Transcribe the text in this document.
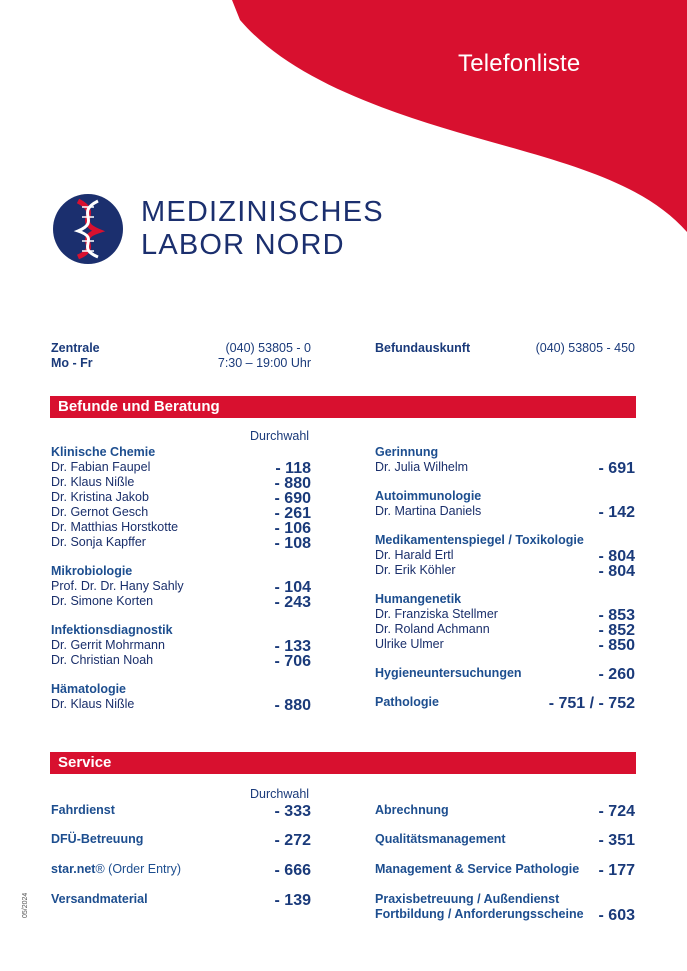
Telefonliste
MEDIZINISCHES
LABOR NORD
Zentrale	(040) 53805 - 0
Mo - Fr	7:30 – 19:00 Uhr
Befundauskunft	(040) 53805 - 450
Befunde und Beratung
Durchwahl
Service
Durchwahl
05/2024
Klinische Chemie
Dr. Fabian Faupel	- 118
Dr. Klaus Nißle	- 880
Dr. Kristina Jakob	- 690
Dr. Gernot Gesch	- 261
Dr. Matthias Horstkotte	- 106
Dr. Sonja Kapffer	- 108
Mikrobiologie
Prof. Dr. Dr. Hany Sahly	- 104
Dr. Simone Korten	- 243
Infektionsdiagnostik
Dr. Gerrit Mohrmann	- 133
Dr. Christian Noah	- 706
Hämatologie
Dr. Klaus Nißle	- 880
Gerinnung
Dr. Julia Wilhelm	- 691
Autoimmunologie
Dr. Martina Daniels	- 142
Medikamentenspiegel / Toxikologie
Dr. Harald Ertl	- 804
Dr. Erik Köhler	- 804
Humangenetik
Dr. Franziska Stellmer	- 853
Dr. Roland Achmann	- 852
Ulrike Ulmer	- 850
Hygieneuntersuchungen	- 260
Pathologie	- 751 / - 752
Fahrdienst	- 333
DFÜ-Betreuung	- 272
star.net® (Order Entry)	- 666
Versandmaterial	- 139
Abrechnung	- 724
Qualitätsmanagement	- 351
Management & Service Pathologie - 177
Praxisbetreuung / Außendienst
Fortbildung / Anforderungsscheine - 603
